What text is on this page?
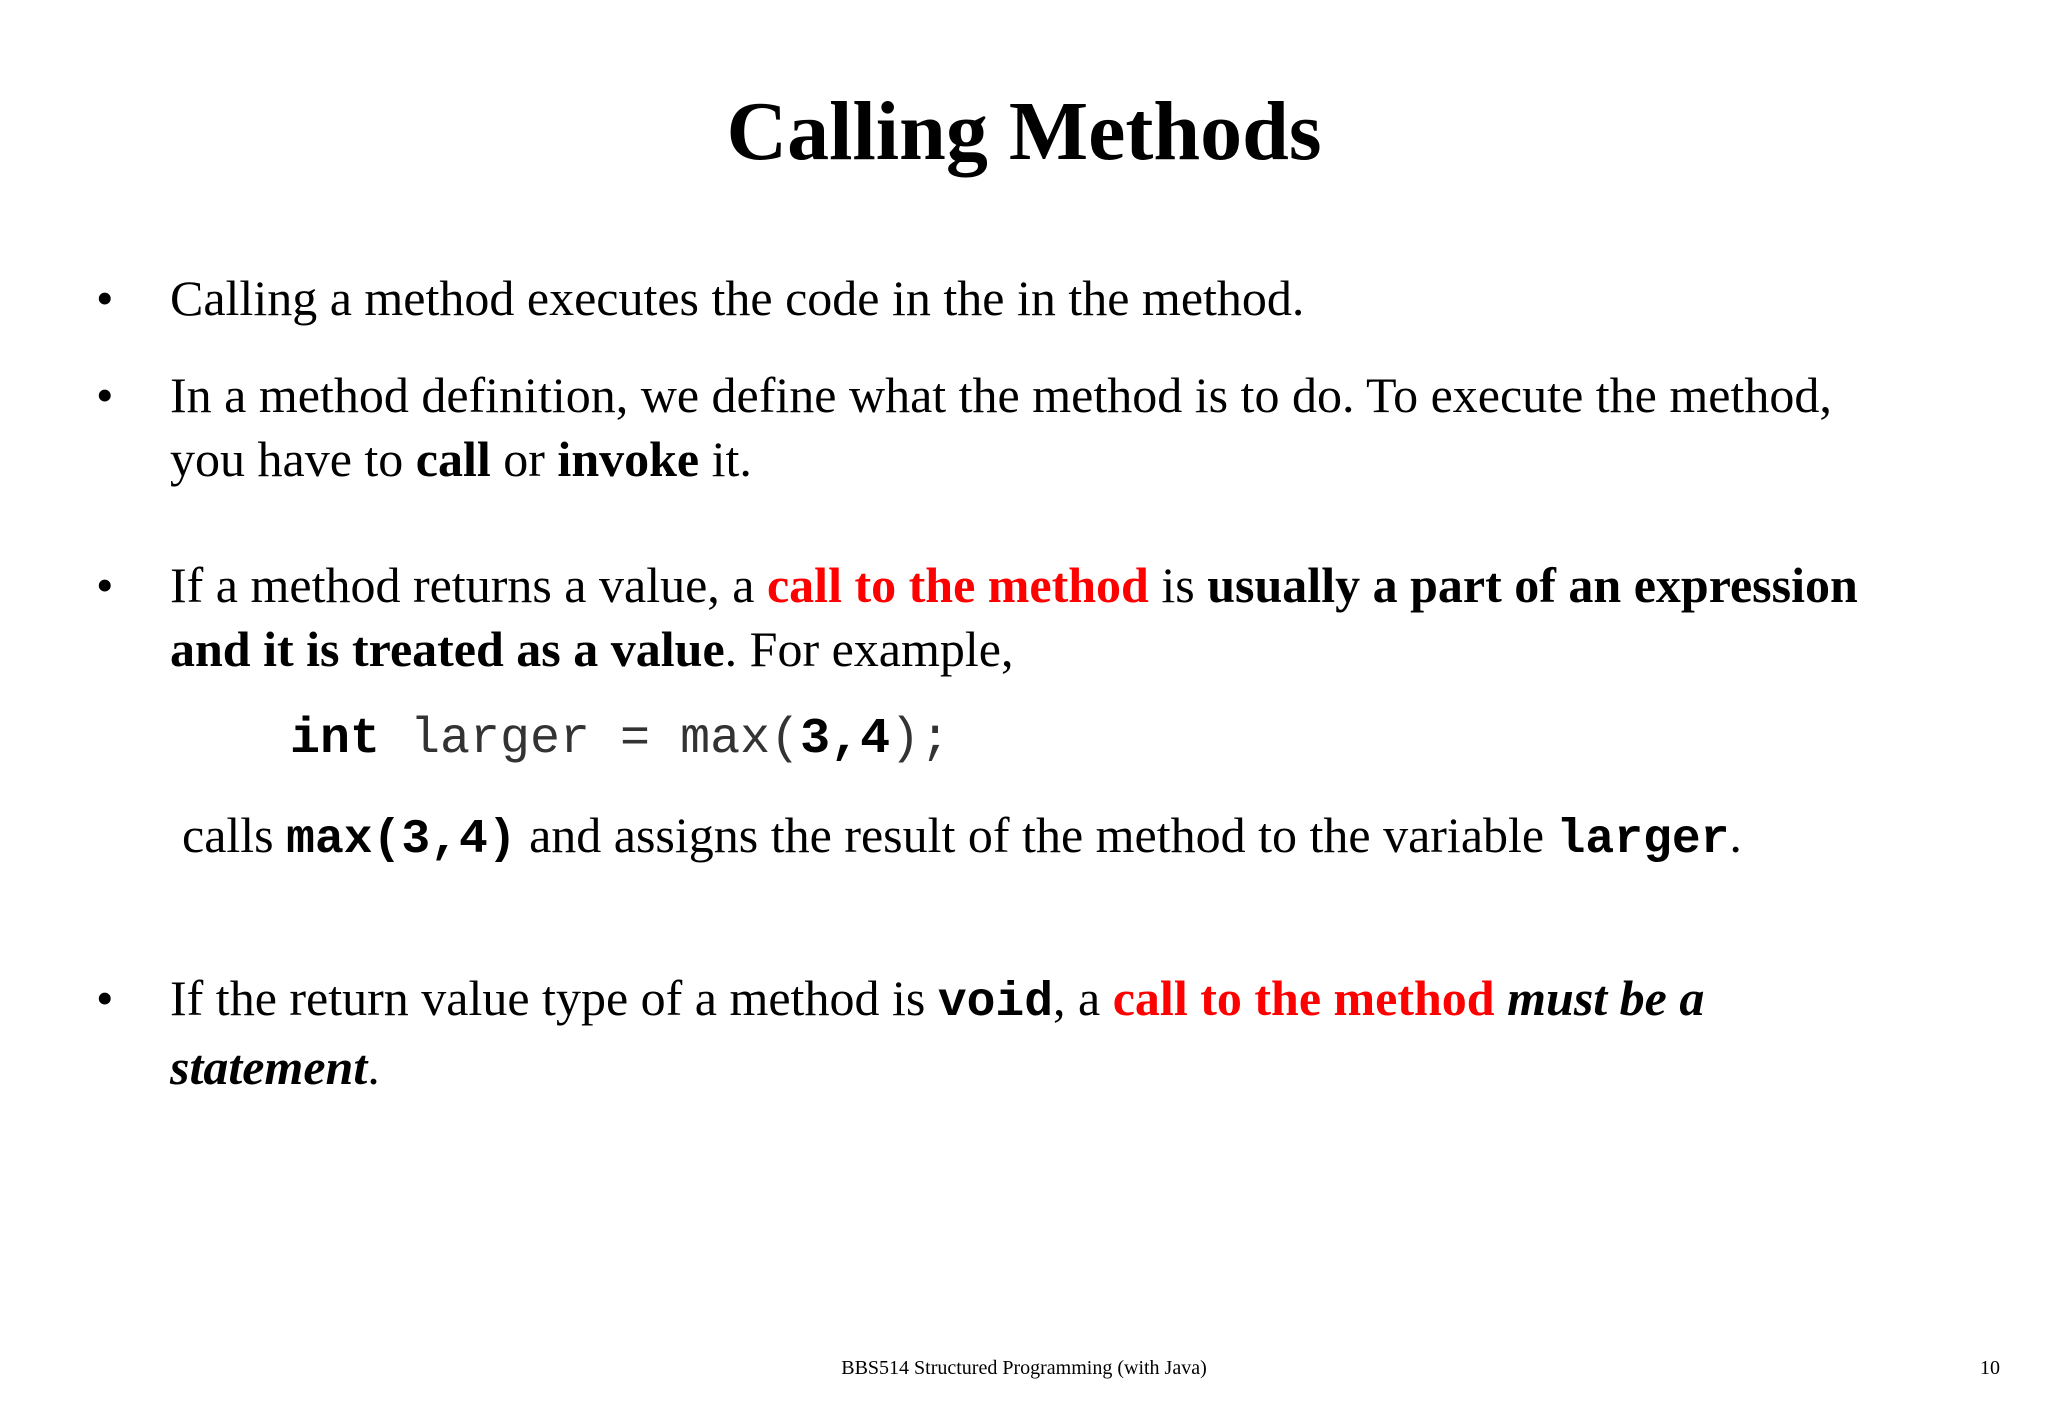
Calling Methods
• Calling a method executes the code in the in the method.
• In a method definition, we define what the method is to do. To execute the method,
you have to call or invoke it.
• If a method returns a value, a call to the method is usually a part of an expression
and it is treated as a value. For example,
int larger = max(3,4);
calls max(3,4) and assigns the result of the method to the variable larger.
• If the return value type of a method is void, a call to the method must be a
statement.
BBS514 Structured Programming (with Java)	10
